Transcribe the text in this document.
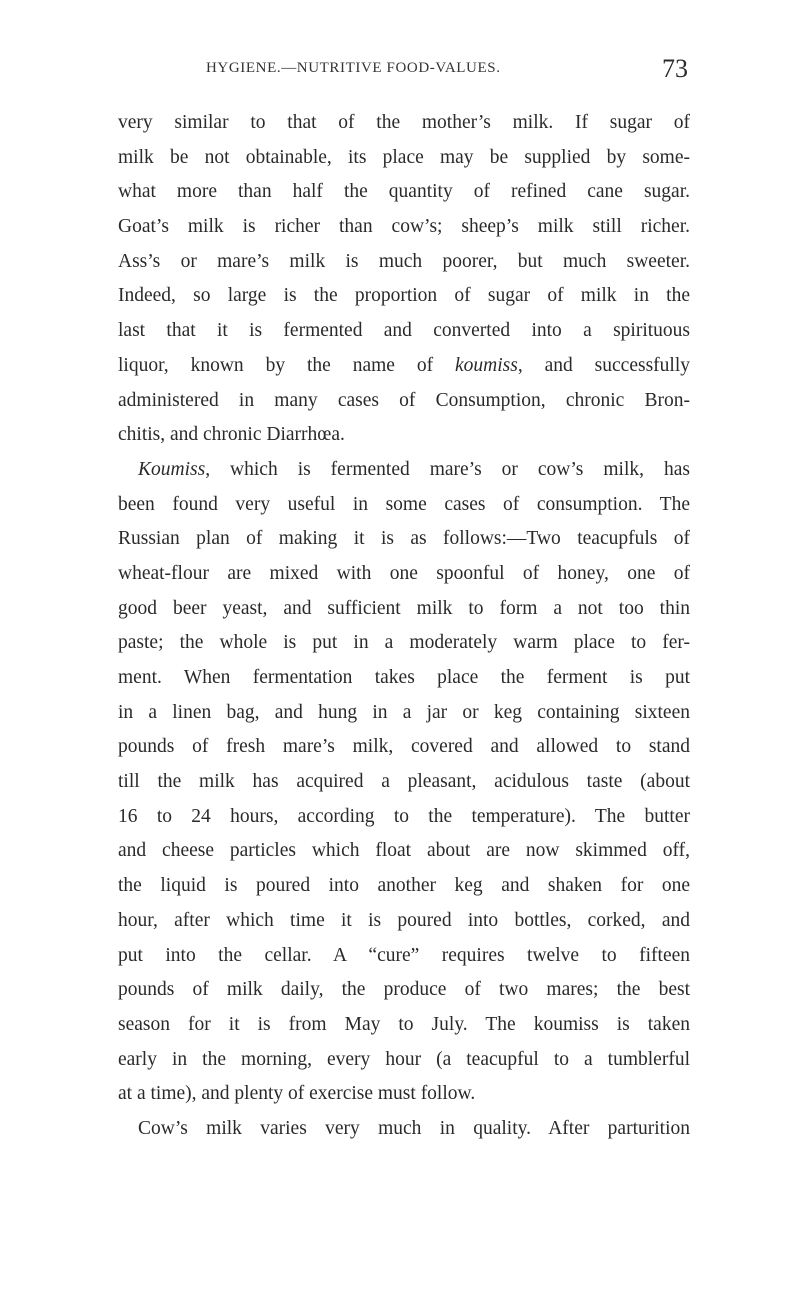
HYGIENE.—NUTRITIVE FOOD-VALUES.	73
very similar to that of the mother’s milk. If sugar of
milk be not obtainable, its place may be supplied by some-
what more than half the quantity of refined cane sugar.
Goat’s milk is richer than cow’s; sheep’s milk still richer.
Ass’s or mare’s milk is much poorer, but much sweeter.
Indeed, so large is the proportion of sugar of milk in the
last that it is fermented and converted into a spirituous
liquor, known by the name of koumiss, and successfully
administered in many cases of Consumption, chronic Bron-
chitis, and chronic Diarrhœa.
Koumiss, which is fermented mare’s or cow’s milk, has
been found very useful in some cases of consumption. The
Russian plan of making it is as follows:—Two teacupfuls of
wheat-flour are mixed with one spoonful of honey, one of
good beer yeast, and sufficient milk to form a not too thin
paste; the whole is put in a moderately warm place to fer-
ment. When fermentation takes place the ferment is put
in a linen bag, and hung in a jar or keg containing sixteen
pounds of fresh mare’s milk, covered and allowed to stand
till the milk has acquired a pleasant, acidulous taste (about
16 to 24 hours, according to the temperature). The butter
and cheese particles which float about are now skimmed off,
the liquid is poured into another keg and shaken for one
hour, after which time it is poured into bottles, corked, and
put into the cellar. A “cure” requires twelve to fifteen
pounds of milk daily, the produce of two mares; the best
season for it is from May to July. The koumiss is taken
early in the morning, every hour (a teacupful to a tumblerful
at a time), and plenty of exercise must follow.
Cow’s milk varies very much in quality. After parturition
